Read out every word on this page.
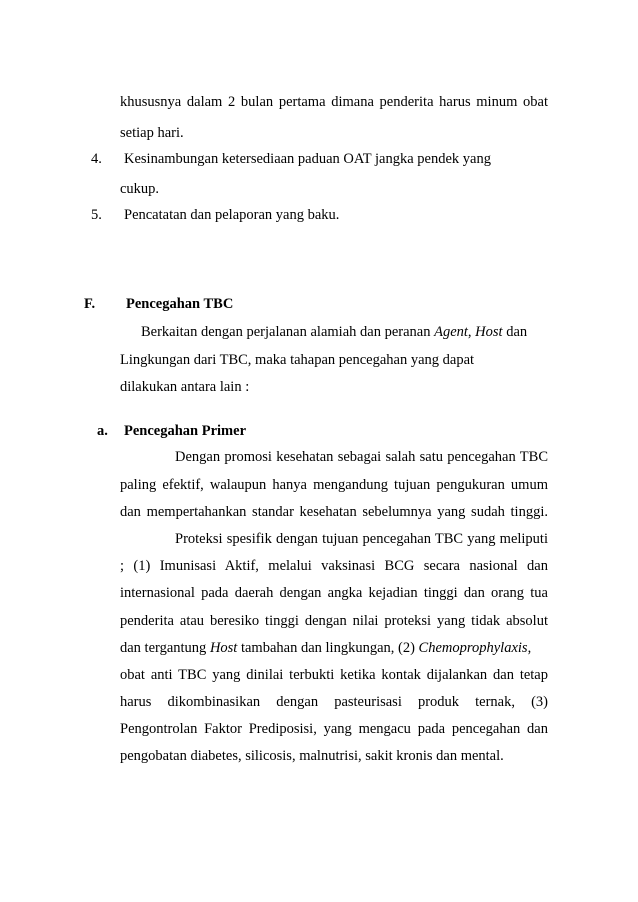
khususnya dalam 2 bulan pertama dimana penderita harus minum obat
setiap hari.
4. Kesinambungan ketersediaan paduan OAT jangka pendek yang
cukup.
5. Pencatatan dan pelaporan yang baku.
F. Pencegahan TBC
Berkaitan dengan perjalanan alamiah dan peranan Agent, Host dan
Lingkungan dari TBC, maka tahapan pencegahan yang dapat
dilakukan antara lain :
a. Pencegahan Primer
Dengan promosi kesehatan sebagai salah satu pencegahan TBC
paling efektif, walaupun hanya mengandung tujuan pengukuran umum
dan mempertahankan standar kesehatan sebelumnya yang sudah tinggi.
Proteksi spesifik dengan tujuan pencegahan TBC yang meliputi
; (1) Imunisasi Aktif, melalui vaksinasi BCG secara nasional dan
internasional pada daerah dengan angka kejadian tinggi dan orang tua
penderita atau beresiko tinggi dengan nilai proteksi yang tidak absolut
dan tergantung Host tambahan dan lingkungan, (2) Chemoprophylaxis,
obat anti TBC yang dinilai terbukti ketika kontak dijalankan dan tetap
harus dikombinasikan dengan pasteurisasi produk ternak, (3)
Pengontrolan Faktor Prediposisi, yang mengacu pada pencegahan dan
pengobatan diabetes, silicosis, malnutrisi, sakit kronis dan mental.
